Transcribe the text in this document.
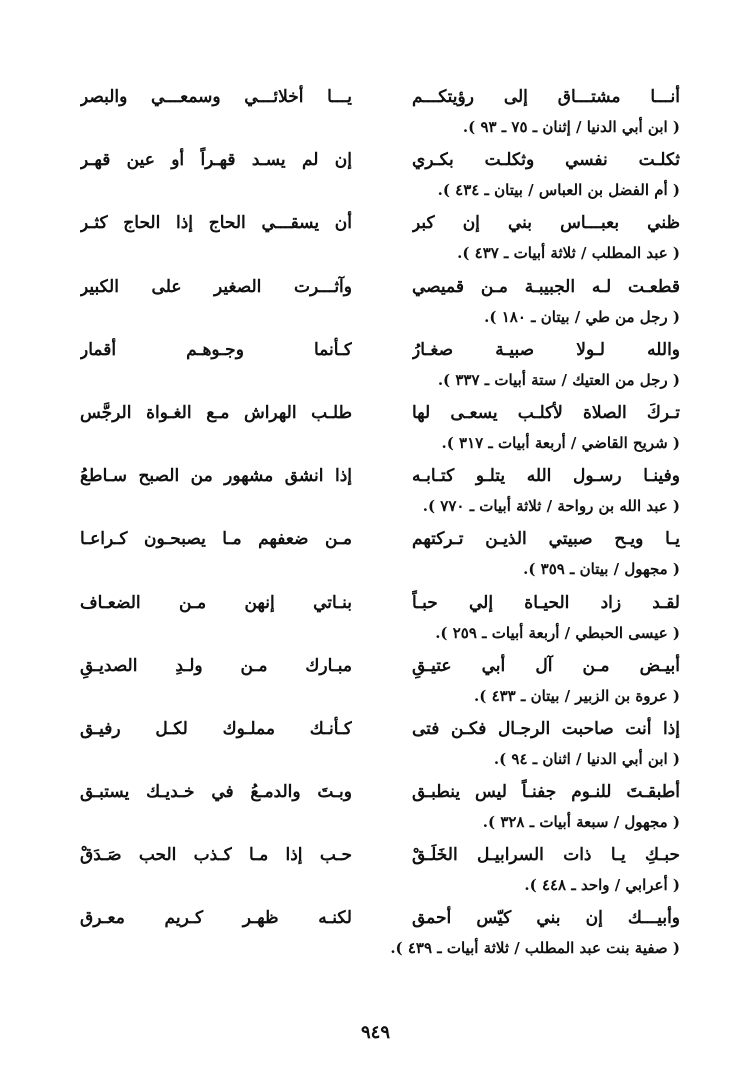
أنـــا مشتـــاق إلى رؤيتكـــم
يـــا أخلائـــي وسمعـــي والبصر
( ابن أبي الدنيا / إثنان ـ ٧٥ ـ ٩٣ ).
ثكلـت نفسي وثكلـت بكـري
إن لم يسـد قهـراً أو عين قهـر
( أم الفضل بن العباس / بيتان ـ ٤٣٤ ).
ظني بعبـــاس بني إن كبر
أن يسقـــي الحاج إذا الحاج كثـر
( عبد المطلب / ثلاثة أبيات ـ ٤٣٧ ).
قطعـت لـه الجبيبـة مـن قميصي
وآثـــرت الصغير على الكبير
( رجل من طي / بيتان ـ ١٨٠ ).
والله لـولا صبيـة صغـارُ
كـأنما وجـوهـم أقمار
( رجل من العتيك / ستة أبيات ـ ٣٣٧ ).
تـركَ الصلاة لأكلـب يسعـى لها
طلـب الهراش مـع الغـواة الرجَّس
( شريح القاضي / أربعة أبيات ـ ٣١٧ ).
وفينـا رسـول الله يتلـو كتـابـه
إذا انشق مشهور من الصبح سـاطعُ
( عبد الله بن رواحة / ثلاثة أبيات ـ ٧٧٠ ).
يـا ويـح صبيتي الذيـن تـركتهم
مـن ضعفهم مـا يصبحـون كـراعـا
( مجهول / بيتان ـ ٣٥٩ ).
لقـد زاد الحيـاة إلي حبـاً
بنـاتي إنهن مـن الضعـاف
( عيسى الحبطي / أربعة أبيات ـ ٢٥٩ ).
أبيـض مـن آل أبي عتيـقِ
مبـارك مـن ولـدِ الصديـقِ
( عروة بن الزبير / بيتان ـ ٤٣٣ ).
إذا أنت صاحبت الرجـال فكـن فتى
كـأنـك مملـوك لكـل رفيـق
( ابن أبي الدنيا / اثنان ـ ٩٤ ).
أطبقـتَ للنـوم جفنـاً ليس ينطبـق
وبـتَ والدمـعُ في خـديـك يستبـق
( مجهول / سبعة أبيات ـ ٣٢٨ ).
حبـكِ يـا ذات السرابيـل الخَلَـقْ
حـب إذا مـا كـذب الحب صَـدَقْ
( أعرابي / واحد ـ ٤٤٨ ).
وأبيـــك إن بني كيّس أحمق
لكنـه ظهـر كـريم معـرق
( صفية بنت عبد المطلب / ثلاثة أبيات ـ ٤٣٩ ).
٩٤٩
